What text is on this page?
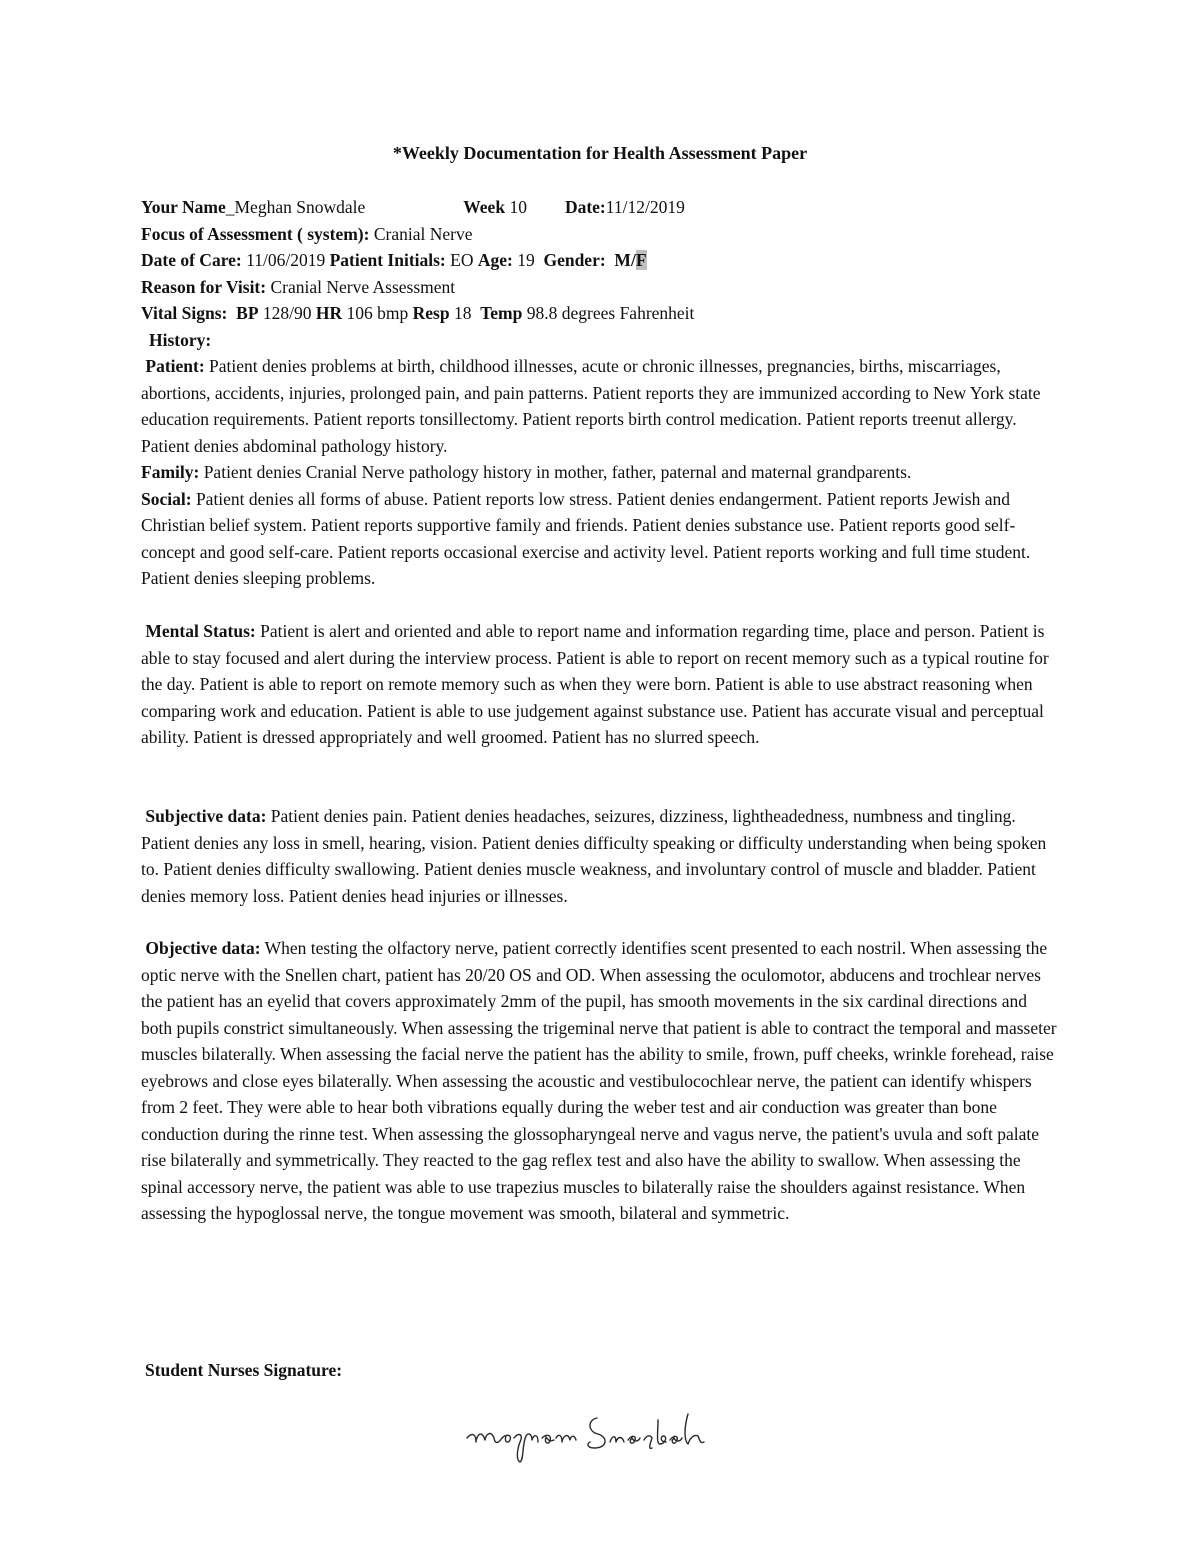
*Weekly Documentation for Health Assessment Paper
Your Name_Meghan Snowdale	Week 10 Date:11/12/2019
Focus of Assessment ( system): Cranial Nerve
Date of Care: 11/06/2019 Patient Initials: EO Age: 19 Gender: M/F
Reason for Visit: Cranial Nerve Assessment
Vital Signs: BP 128/90 HR 106 bmp Resp 18 Temp 98.8 degrees Fahrenheit
History:
Patient: Patient denies problems at birth, childhood illnesses, acute or chronic illnesses, pregnancies, births, miscarriages, abortions, accidents, injuries, prolonged pain, and pain patterns. Patient reports they are immunized according to New York state education requirements. Patient reports tonsillectomy. Patient reports birth control medication. Patient reports treenut allergy. Patient denies abdominal pathology history.
Family: Patient denies Cranial Nerve pathology history in mother, father, paternal and maternal grandparents.
Social: Patient denies all forms of abuse. Patient reports low stress. Patient denies endangerment. Patient reports Jewish and Christian belief system. Patient reports supportive family and friends. Patient denies substance use. Patient reports good self-concept and good self-care. Patient reports occasional exercise and activity level. Patient reports working and full time student. Patient denies sleeping problems.
Mental Status: Patient is alert and oriented and able to report name and information regarding time, place and person. Patient is able to stay focused and alert during the interview process. Patient is able to report on recent memory such as a typical routine for the day. Patient is able to report on remote memory such as when they were born. Patient is able to use abstract reasoning when comparing work and education. Patient is able to use judgement against substance use. Patient has accurate visual and perceptual ability. Patient is dressed appropriately and well groomed. Patient has no slurred speech.
Subjective data: Patient denies pain. Patient denies headaches, seizures, dizziness, lightheadedness, numbness and tingling. Patient denies any loss in smell, hearing, vision. Patient denies difficulty speaking or difficulty understanding when being spoken to. Patient denies difficulty swallowing. Patient denies muscle weakness, and involuntary control of muscle and bladder. Patient denies memory loss. Patient denies head injuries or illnesses.
Objective data: When testing the olfactory nerve, patient correctly identifies scent presented to each nostril. When assessing the optic nerve with the Snellen chart, patient has 20/20 OS and OD. When assessing the oculomotor, abducens and trochlear nerves the patient has an eyelid that covers approximately 2mm of the pupil, has smooth movements in the six cardinal directions and both pupils constrict simultaneously. When assessing the trigeminal nerve that patient is able to contract the temporal and masseter muscles bilaterally. When assessing the facial nerve the patient has the ability to smile, frown, puff cheeks, wrinkle forehead, raise eyebrows and close eyes bilaterally. When assessing the acoustic and vestibulocochlear nerve, the patient can identify whispers from 2 feet. They were able to hear both vibrations equally during the weber test and air conduction was greater than bone conduction during the rinne test. When assessing the glossopharyngeal nerve and vagus nerve, the patient's uvula and soft palate rise bilaterally and symmetrically. They reacted to the gag reflex test and also have the ability to swallow. When assessing the spinal accessory nerve, the patient was able to use trapezius muscles to bilaterally raise the shoulders against resistance. When assessing the hypoglossal nerve, the tongue movement was smooth, bilateral and symmetric.
Student Nurses Signature:
